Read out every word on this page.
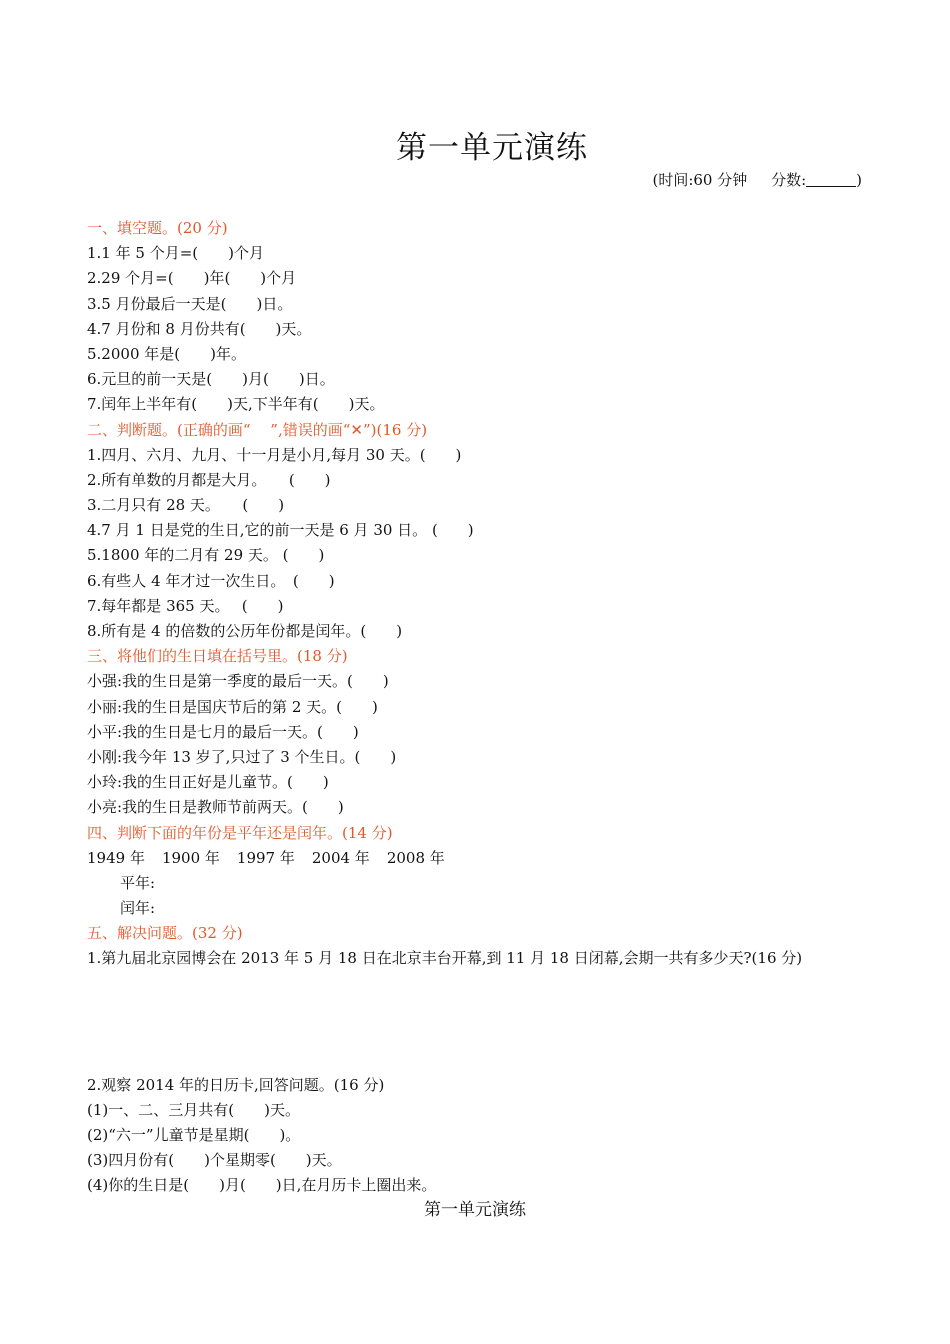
第一单元演练
(时间:60 分钟 分数:	)
一、填空题。(20 分)
1.1 年 5 个月=(　　)个月
2.29 个月=(　　)年(　　)个月
3.5 月份最后一天是(　　)日。
4.7 月份和 8 月份共有(　　)天。
5.2000 年是(　　)年。
6.元旦的前一天是(　　)月(　　)日。
7.闰年上半年有(　　)天,下半年有(　　)天。
二、判断题。(正确的画“　 ”,错误的画“✕”)(16 分)
1.四月、六月、九月、十一月是小月,每月 30 天。(　　)
2.所有单数的月都是大月。　　(　　)
3.二月只有 28 天。　　(　　)
4.7 月 1 日是党的生日,它的前一天是 6 月 30 日。 (　　)
5.1800 年的二月有 29 天。 (　　)
6.有些人 4 年才过一次生日。　(　　)
7.每年都是 365 天。　 (　　)
8.所有是 4 的倍数的公历年份都是闰年。(　　)
三、将他们的生日填在括号里。(18 分)
小强:我的生日是第一季度的最后一天。(　　)
小丽:我的生日是国庆节后的第 2 天。(　　)
小平:我的生日是七月的最后一天。(　　)
小刚:我今年 13 岁了,只过了 3 个生日。(　　)
小玲:我的生日正好是儿童节。(　　)
小亮:我的生日是教师节前两天。(　　)
四、判断下面的年份是平年还是闰年。(14 分)
1949 年 1900 年 1997 年 2004 年 2008 年
平年:
闰年:
五、解决问题。(32 分)
1.第九届北京园博会在 2013 年 5 月 18 日在北京丰台开幕,到 11 月 18 日闭幕,会期一共有多少天?(16 分)
2.观察 2014 年的日历卡,回答问题。(16 分)
(1)一、二、三月共有(　　)天。
(2)“六一”儿童节是星期(　　)。
(3)四月份有(　　)个星期零(　　)天。
(4)你的生日是(　　)月(　　)日,在月历卡上圈出来。
第一单元演练
